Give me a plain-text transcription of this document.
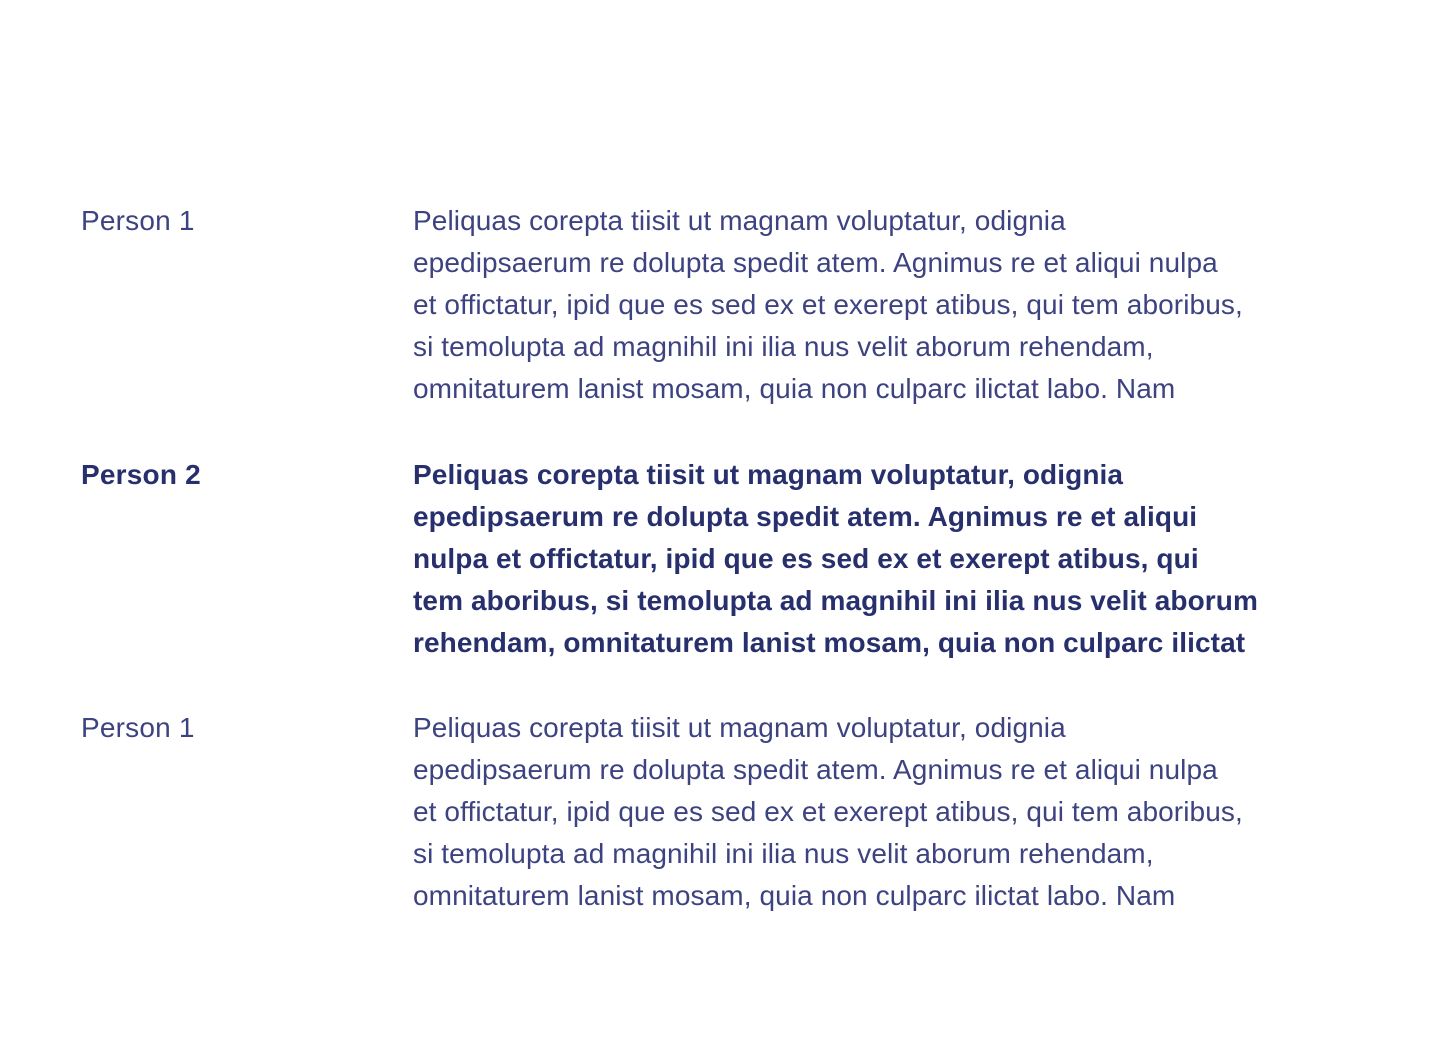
Person 1	Peliquas corepta tiisit ut magnam voluptatur, odignia
epedipsaerum re dolupta spedit atem. Agnimus re et aliqui nulpa
et offictatur, ipid que es sed ex et exerept atibus, qui tem aboribus,
si temolupta ad magnihil ini ilia nus velit aborum rehendam,
omnitaturem lanist mosam, quia non culparc ilictat labo. Nam
Person 2	Peliquas corepta tiisit ut magnam voluptatur, odignia
epedipsaerum re dolupta spedit atem. Agnimus re et aliqui
nulpa et offictatur, ipid que es sed ex et exerept atibus, qui
tem aboribus, si temolupta ad magnihil ini ilia nus velit aborum
rehendam, omnitaturem lanist mosam, quia non culparc ilictat
Person 1	Peliquas corepta tiisit ut magnam voluptatur, odignia
epedipsaerum re dolupta spedit atem. Agnimus re et aliqui nulpa
et offictatur, ipid que es sed ex et exerept atibus, qui tem aboribus,
si temolupta ad magnihil ini ilia nus velit aborum rehendam,
omnitaturem lanist mosam, quia non culparc ilictat labo. Nam
